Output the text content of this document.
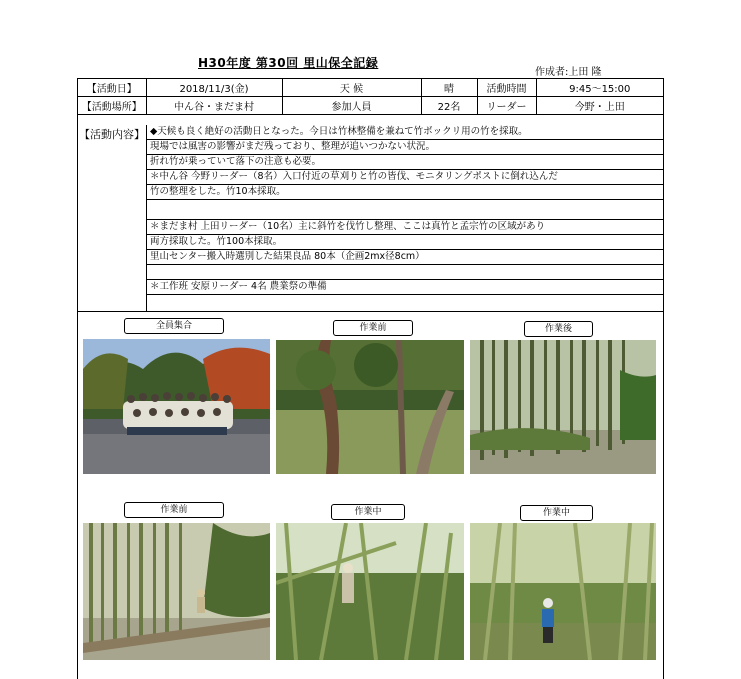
H30年度 第30回 里山保全記録
作成者:上田 隆
【活動日】	2018/11/3(金)	天 候	晴	活動時間	9:45〜15:00
【活動場所】	中ん谷・まだま村	参加人員	22名	リーダー	今野・上田
【活動内容】 ◆天候も良く絶好の活動日となった。今日は竹林整備を兼ねて竹ボックリ用の竹を採取。
現場では風害の影響がまだ残っており、整理が追いつかない状況。
折れ竹が乗っていて落下の注意も必要。
＊中ん谷 今野リーダー（8名）入口付近の草刈りと竹の皆伐、モニタリングポストに倒れ込んだ
竹の整理をした。竹10本採取。
＊まだま村 上田リーダー（10名）主に斜竹を伐竹し整理、ここは真竹と孟宗竹の区域があり
両方採取した。竹100本採取。
里山センター搬入時選別した結果良品 80本（企画2mx径8cm）
＊工作班 安原リーダー 4名 農業祭の準備
全員集合	作業前	作業後
作業前	作業中	作業中
